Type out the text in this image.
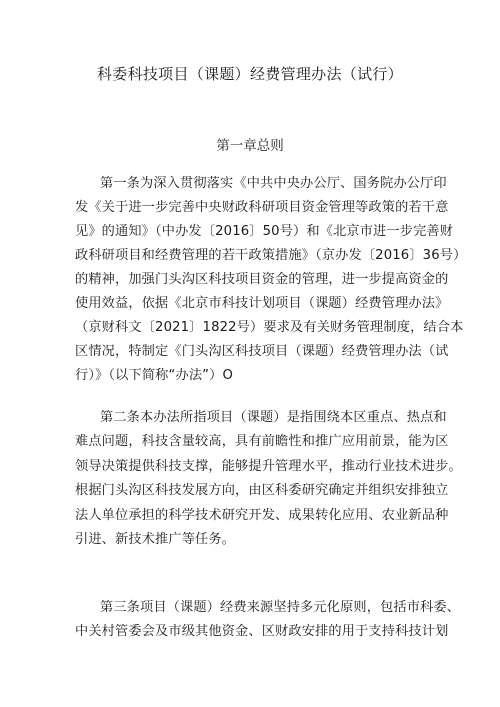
科委科技项目（课题）经费管理办法（试行）
第一章总则
第一条为深入贯彻落实《中共中央办公厅、国务院办公厅印
发《关于进一步完善中央财政科研项目资金管理等政策的若干意
见》的通知》（中办发〔2016〕50号）和《北京市进一步完善财
政科研项目和经费管理的若干政策措施》（京办发〔2016〕36号）
的精神，加强门头沟区科技项目资金的管理，进一步提高资金的
使用效益，依据《北京市科技计划项目（课题）经费管理办法》
（京财科文〔2021〕1822号）要求及有关财务管理制度，结合本
区情况，特制定《门头沟区科技项目（课题）经费管理办法（试
行）》（以下简称“办法”）O
第二条本办法所指项目（课题）是指围绕本区重点、热点和
难点问题，科技含量较高，具有前瞻性和推广应用前景，能为区
领导决策提供科技支撑，能够提升管理水平，推动行业技术进步。
根据门头沟区科技发展方向，由区科委研究确定并组织安排独立
法人单位承担的科学技术研究开发、成果转化应用、农业新品种
引进、新技术推广等任务。
第三条项目（课题）经费来源坚持多元化原则，包括市科委、
中关村管委会及市级其他资金、区财政安排的用于支持科技计划
